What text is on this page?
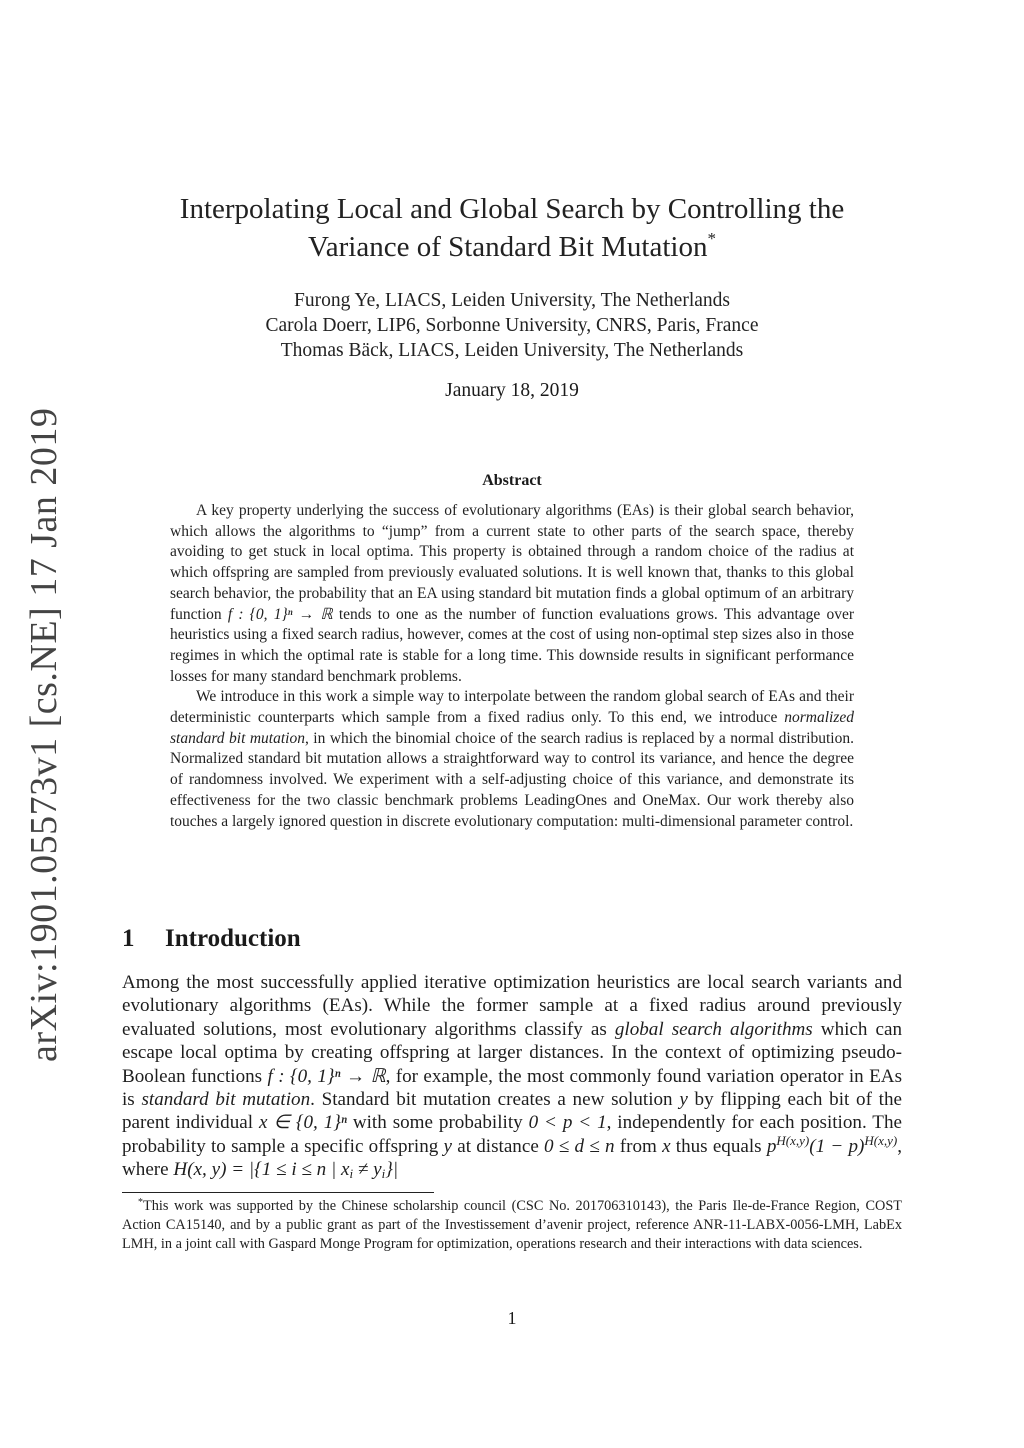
arXiv:1901.05573v1 [cs.NE] 17 Jan 2019
Interpolating Local and Global Search by Controlling the
Variance of Standard Bit Mutation*
Furong Ye, LIACS, Leiden University, The Netherlands
Carola Doerr, LIP6, Sorbonne University, CNRS, Paris, France
Thomas Bäck, LIACS, Leiden University, The Netherlands
January 18, 2019
Abstract

A key property underlying the success of evolutionary algorithms (EAs) is their global search behavior, which allows the algorithms to “jump” from a current state to other parts of the search space, thereby avoiding to get stuck in local optima. This property is obtained through a random choice of the radius at which offspring are sampled from previously evaluated solutions. It is well known that, thanks to this global search behavior, the probability that an EA using standard bit mutation finds a global optimum of an arbitrary function f : {0, 1}ⁿ → ℝ tends to one as the number of function evaluations grows. This advantage over heuristics using a fixed search radius, however, comes at the cost of using non-optimal step sizes also in those regimes in which the optimal rate is stable for a long time. This downside results in significant performance losses for many standard benchmark problems.

We introduce in this work a simple way to interpolate between the random global search of EAs and their deterministic counterparts which sample from a fixed radius only. To this end, we introduce normalized standard bit mutation, in which the binomial choice of the search radius is replaced by a normal distribution. Normalized standard bit mutation allows a straightforward way to control its variance, and hence the degree of randomness involved. We experiment with a self-adjusting choice of this variance, and demonstrate its effectiveness for the two classic benchmark problems LeadingOnes and OneMax. Our work thereby also touches a largely ignored question in discrete evolutionary computation: multi-dimensional parameter control.

1 Introduction

Among the most successfully applied iterative optimization heuristics are local search variants and evolutionary algorithms (EAs). While the former sample at a fixed radius around previously evaluated solutions, most evolutionary algorithms classify as global search algorithms which can escape local optima by creating offspring at larger distances. In the context of optimizing pseudo-Boolean functions f : {0, 1}ⁿ → ℝ, for example, the most commonly found variation operator in EAs is standard bit mutation. Standard bit mutation creates a new solution y by flipping each bit of the parent individual x ∈ {0, 1}ⁿ with some probability 0 < p < 1, independently for each position. The probability to sample a specific offspring y at distance 0 ≤ d ≤ n from x thus equals $p^{H(x,y)}(1 - p)^{H(x,y)}$, where H(x, y) = |{1 ≤ i ≤ n | $x_i \ne y_i\}|$

*This work was supported by the Chinese scholarship council (CSC No. 201706310143), the Paris Ile-de-France Region, COST Action CA15140, and by a public grant as part of the Investissement d’avenir project, reference ANR-11-LABX-0056-LMH, LabEx LMH, in a joint call with Gaspard Monge Program for optimization, operations research and their interactions with data sciences.

1
